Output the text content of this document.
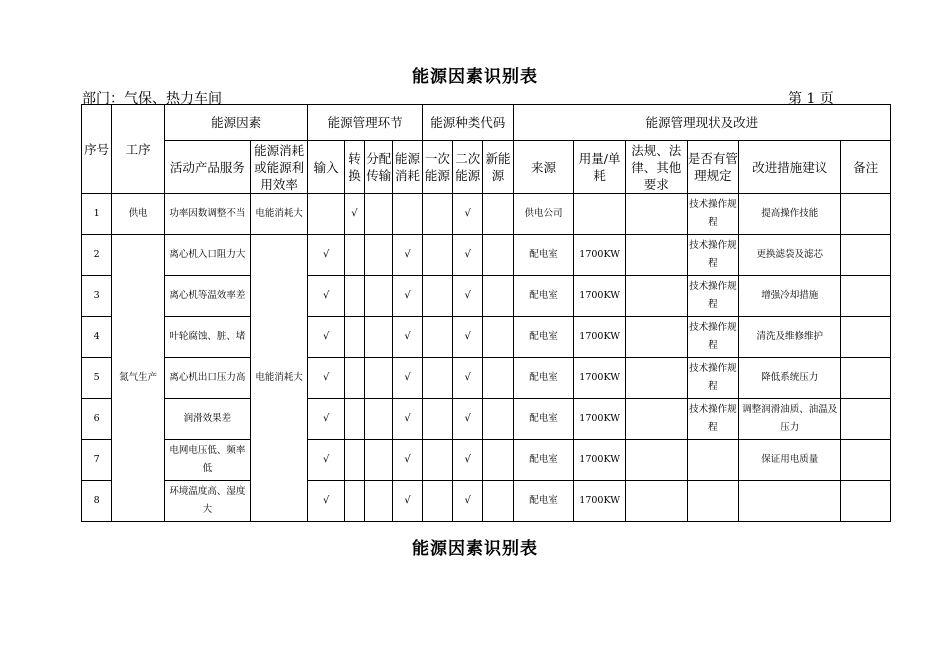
能源因素识别表
部门：气保、热力车间	第 1 页
序号	工序	能源因素		能源管理环节				能源种类代码			能源管理现状及改进					
		活动产品服务	能源消耗或能源利用效率	输入	转换	分配传输	能源消耗	一次能源	二次能源	新能源	来源	用量/单耗	法规、法律、其他要求	是否有管理规定	改进措施建议	备注
1	供电	功率因数调整不当	电能消耗大		√				√		供电公司			技术操作规程	提高操作技能	
2	氮气生产	离心机入口阻力大	电能消耗大	√			√		√		配电室	1700KW		技术操作规程	更换滤袋及滤芯	
3		离心机等温效率差		√			√		√		配电室	1700KW		技术操作规程	增强冷却措施	
4		叶轮腐蚀、脏、堵		√			√		√		配电室	1700KW		技术操作规程	清洗及维修维护	
5		离心机出口压力高		√			√		√		配电室	1700KW		技术操作规程	降低系统压力	
6		润滑效果差		√			√		√		配电室	1700KW		技术操作规程	调整润滑油质、油温及压力	
7		电网电压低、频率低		√			√		√		配电室	1700KW			保证用电质量	
8		环境温度高、湿度大		√			√		√		配电室	1700KW				
能源因素识别表
